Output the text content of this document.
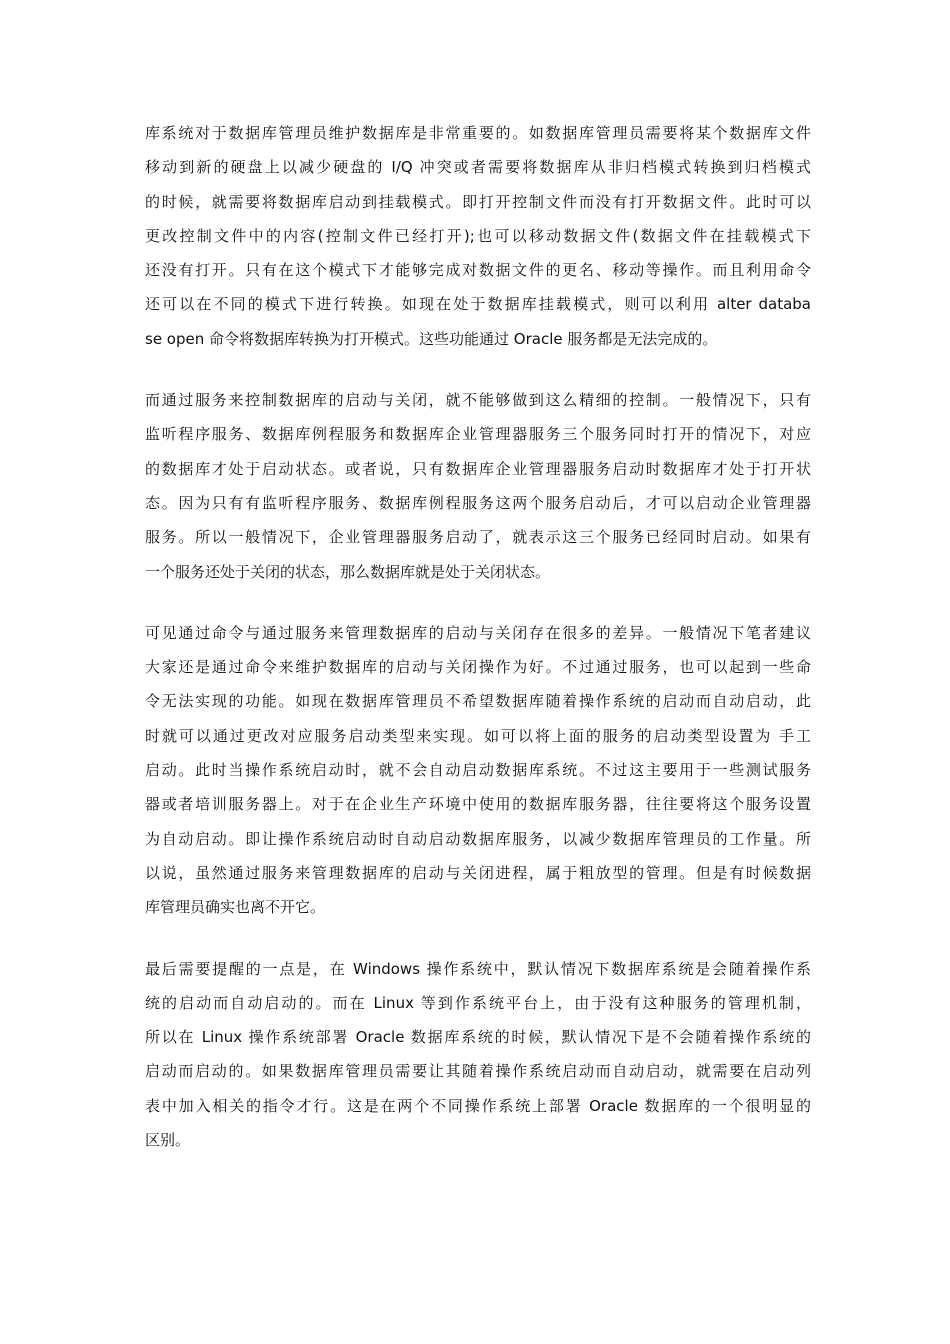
库系统对于数据库管理员维护数据库是非常重要的。如数据库管理员需要将某个数据库文件
移动到新的硬盘上以减少硬盘的 I/Q 冲突或者需要将数据库从非归档模式转换到归档模式
的时候，就需要将数据库启动到挂载模式。即打开控制文件而没有打开数据文件。此时可以
更改控制文件中的内容(控制文件已经打开);也可以移动数据文件(数据文件在挂载模式下
还没有打开。只有在这个模式下才能够完成对数据文件的更名、移动等操作。而且利用命令
还可以在不同的模式下进行转换。如现在处于数据库挂载模式，则可以利用 alter databa
se open 命令将数据库转换为打开模式。这些功能通过 Oracle 服务都是无法完成的。

而通过服务来控制数据库的启动与关闭，就不能够做到这么精细的控制。一般情况下，只有
监听程序服务、数据库例程服务和数据库企业管理器服务三个服务同时打开的情况下，对应
的数据库才处于启动状态。或者说，只有数据库企业管理器服务启动时数据库才处于打开状
态。因为只有有监听程序服务、数据库例程服务这两个服务启动后，才可以启动企业管理器
服务。所以一般情况下，企业管理器服务启动了，就表示这三个服务已经同时启动。如果有
一个服务还处于关闭的状态，那么数据库就是处于关闭状态。

可见通过命令与通过服务来管理数据库的启动与关闭存在很多的差异。一般情况下笔者建议
大家还是通过命令来维护数据库的启动与关闭操作为好。不过通过服务，也可以起到一些命
令无法实现的功能。如现在数据库管理员不希望数据库随着操作系统的启动而自动启动，此
时就可以通过更改对应服务启动类型来实现。如可以将上面的服务的启动类型设置为 手工
启动。此时当操作系统启动时，就不会自动启动数据库系统。不过这主要用于一些测试服务
器或者培训服务器上。对于在企业生产环境中使用的数据库服务器，往往要将这个服务设置
为自动启动。即让操作系统启动时自动启动数据库服务，以减少数据库管理员的工作量。所
以说，虽然通过服务来管理数据库的启动与关闭进程，属于粗放型的管理。但是有时候数据
库管理员确实也离不开它。

最后需要提醒的一点是，在 Windows 操作系统中，默认情况下数据库系统是会随着操作系
统的启动而自动启动的。而在 Linux 等到作系统平台上，由于没有这种服务的管理机制，
所以在 Linux 操作系统部署 Oracle 数据库系统的时候，默认情况下是不会随着操作系统的
启动而启动的。如果数据库管理员需要让其随着操作系统启动而自动启动，就需要在启动列
表中加入相关的指令才行。这是在两个不同操作系统上部署 Oracle 数据库的一个很明显的
区别。
